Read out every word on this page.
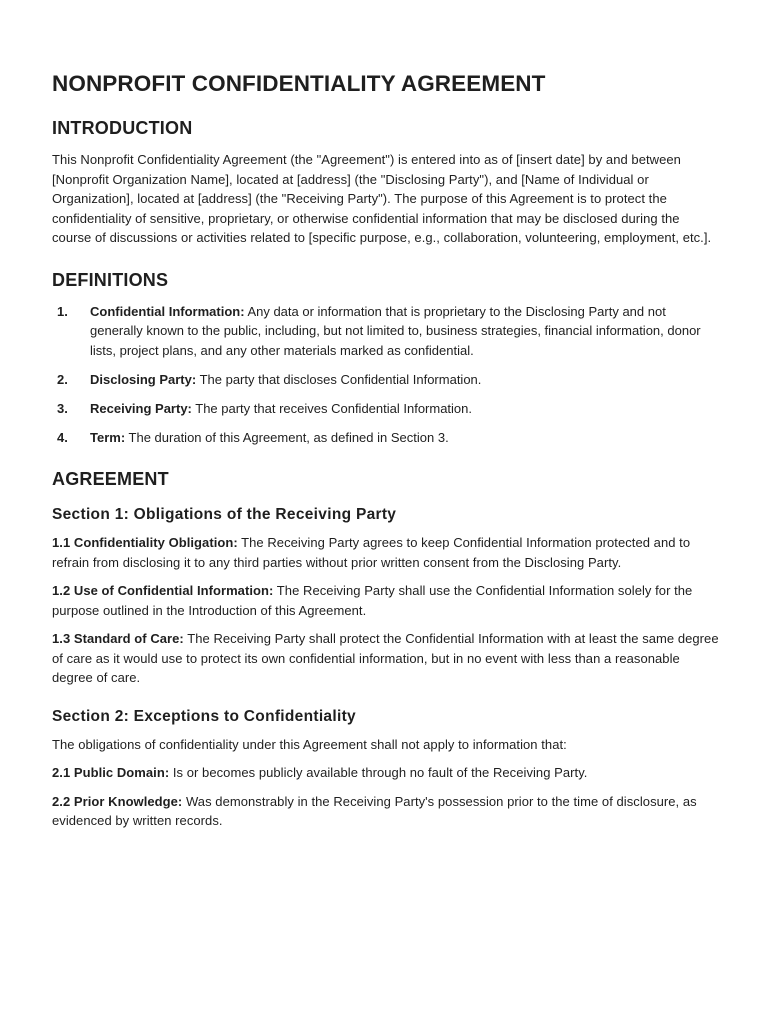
NONPROFIT CONFIDENTIALITY AGREEMENT
INTRODUCTION

This Nonprofit Confidentiality Agreement (the "Agreement") is entered into as of [insert date] by and between [Nonprofit Organization Name], located at [address] (the "Disclosing Party"), and [Name of Individual or Organization], located at [address] (the "Receiving Party"). The purpose of this Agreement is to protect the confidentiality of sensitive, proprietary, or otherwise confidential information that may be disclosed during the course of discussions or activities related to [specific purpose, e.g., collaboration, volunteering, employment, etc.].

DEFINITIONS
1. Confidential Information: Any data or information that is proprietary to the Disclosing Party and not generally known to the public, including, but not limited to, business strategies, financial information, donor lists, project plans, and any other materials marked as confidential.
2. Disclosing Party: The party that discloses Confidential Information.
3. Receiving Party: The party that receives Confidential Information.
4. Term: The duration of this Agreement, as defined in Section 3.
AGREEMENT
Section 1: Obligations of the Receiving Party

1.1 Confidentiality Obligation: The Receiving Party agrees to keep Confidential Information protected and to refrain from disclosing it to any third parties without prior written consent from the Disclosing Party.

1.2 Use of Confidential Information: The Receiving Party shall use the Confidential Information solely for the purpose outlined in the Introduction of this Agreement.

1.3 Standard of Care: The Receiving Party shall protect the Confidential Information with at least the same degree of care as it would use to protect its own confidential information, but in no event with less than a reasonable degree of care.

Section 2: Exceptions to Confidentiality

The obligations of confidentiality under this Agreement shall not apply to information that:

2.1 Public Domain: Is or becomes publicly available through no fault of the Receiving Party.

2.2 Prior Knowledge: Was demonstrably in the Receiving Party's possession prior to the time of disclosure, as evidenced by written records.
